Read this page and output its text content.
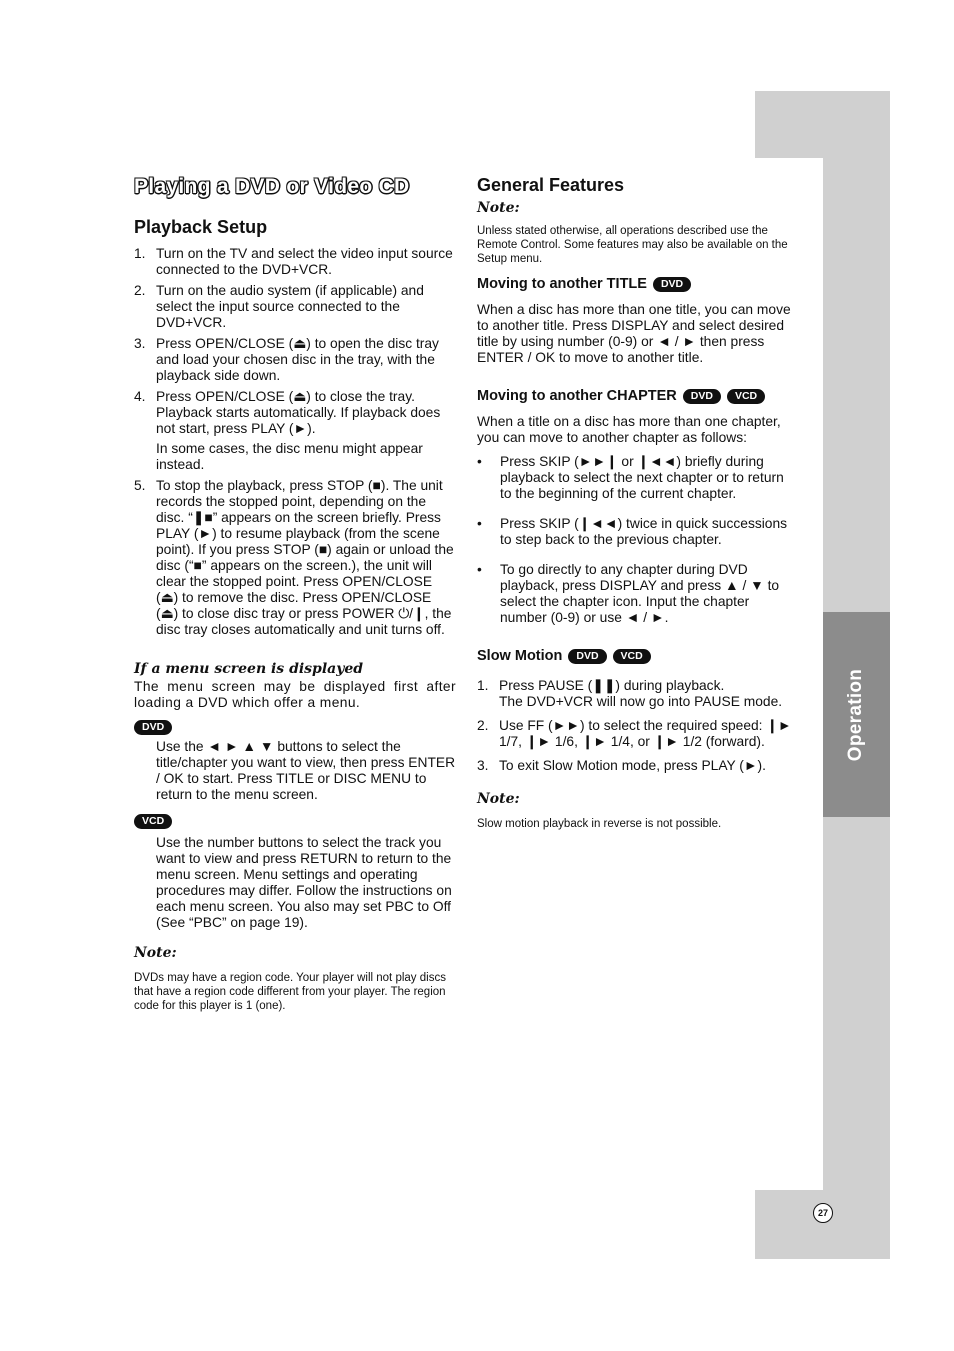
Operation
27
Playing a DVD or Video CD
Playback Setup
1. Turn on the TV and select the video input source connected to the DVD+VCR.

2. Turn on the audio system (if applicable) and select the input source connected to the DVD+VCR.

3. Press OPEN/CLOSE (⏏) to open the disc tray and load your chosen disc in the tray, with the playback side down.

4. Press OPEN/CLOSE (⏏) to close the tray. Playback starts automatically. If playback does not start, press PLAY (►).

In some cases, the disc menu might appear instead.

5. To stop the playback, press STOP (■). The unit records the stopped point, depending on the disc. “❚■” appears on the screen briefly. Press PLAY (►) to resume playback (from the scene point). If you press STOP (■) again or unload the disc (“■” appears on the screen.), the unit will clear the stopped point. Press OPEN/CLOSE (⏏) to remove the disc. Press OPEN/CLOSE (⏏) to close disc tray or press POWER ⏻/❙, the disc tray closes automatically and unit turns off.

If a menu screen is displayed

The menu screen may be displayed first after loading a DVD which offer a menu.

DVD

Use the ◄ ► ▲ ▼ buttons to select the title/chapter you want to view, then press ENTER / OK to start. Press TITLE or DISC MENU to return to the menu screen.

VCD

Use the number buttons to select the track you want to view and press RETURN to return to the menu screen. Menu settings and operating procedures may differ. Follow the instructions on each menu screen. You also may set PBC to Off (See “PBC” on page 19).

Note:

DVDs may have a region code. Your player will not play discs that have a region code different from your player. The region code for this player is 1 (one).

General Features
Note:

Unless stated otherwise, all operations described use the Remote Control. Some features may also be available on the Setup menu.

Moving to another TITLE	DVD

When a disc has more than one title, you can move to another title. Press DISPLAY and select desired title by using number (0-9) or ◄ / ► then press ENTER / OK to move to another title.

Moving to another CHAPTER	DVD	VCD

When a title on a disc has more than one chapter, you can move to another chapter as follows:

•	Press SKIP (►►❙ or ❙◄◄) briefly during playback to select the next chapter or to return to the beginning of the current chapter.
•	Press SKIP (❙◄◄) twice in quick successions to step back to the previous chapter.
•	To go directly to any chapter during DVD playback, press DISPLAY and press ▲ / ▼ to select the chapter icon. Input the chapter number (0-9) or use ◄ / ►.
Slow Motion	DVD	VCD
1. Press PAUSE (❚❚) during playback.

The DVD+VCR will now go into PAUSE mode.

2. Use FF (►►) to select the required speed: ❙► 1/7, ❙► 1/6, ❙► 1/4, or ❙► 1/2 (forward).

3. To exit Slow Motion mode, press PLAY (►).

Note:

Slow motion playback in reverse is not possible.
